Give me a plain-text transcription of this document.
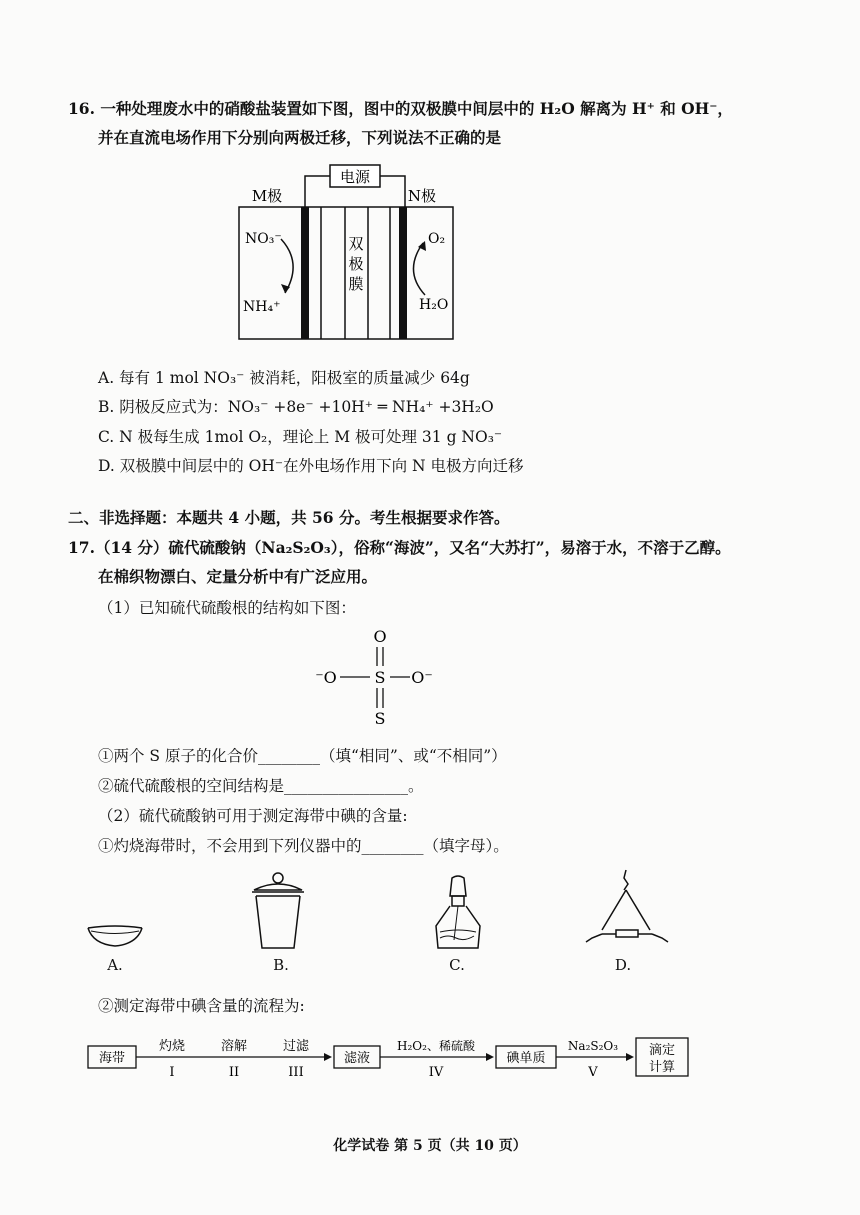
16. 一种处理废水中的硝酸盐装置如下图，图中的双极膜中间层中的 H₂O 解离为 H⁺ 和 OH⁻，
并在直流电场作用下分别向两极迁移，下列说法不正确的是
电源
M极	N极
双
极
膜
NO₃⁻
NH₄⁺
O₂
H₂O
A. 每有 1 mol NO₃⁻ 被消耗，阳极室的质量减少 64g
B. 阴极反应式为：NO₃⁻ +8e⁻ +10H⁺ ═ NH₄⁺ +3H₂O
C. N 极每生成 1mol O₂，理论上 M 极可处理 31 g NO₃⁻
D. 双极膜中间层中的 OH⁻在外电场作用下向 N 电极方向迁移
二、非选择题：本题共 4 小题，共 56 分。考生根据要求作答。
17.（14 分）硫代硫酸钠（Na₂S₂O₃），俗称“海波”，又名“大苏打”，易溶于水，不溶于乙醇。
在棉织物漂白、定量分析中有广泛应用。
（1）已知硫代硫酸根的结构如下图：
O
⁻O S O⁻
S
①两个 S 原子的化合价________（填“相同”、或“不相同”）
②硫代硫酸根的空间结构是________________。
（2）硫代硫酸钠可用于测定海带中碘的含量:
①灼烧海带时，不会用到下列仪器中的________（填字母）。
A.	B.	C.	D.
②测定海带中碘含量的流程为:
海带
灼烧
I
溶解
II
过滤
III
滤液
H₂O₂、稀硫酸
IV
碘单质
Na₂S₂O₃
V
滴定
计算
化学试卷 第 5 页（共 10 页）
